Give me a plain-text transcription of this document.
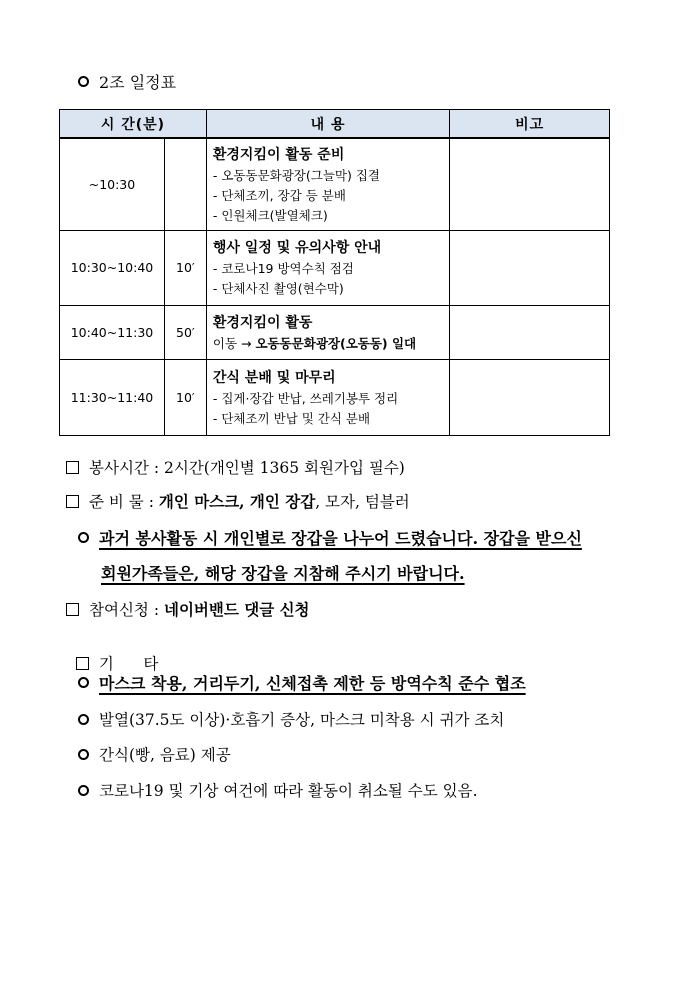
2조 일정표
시 간(분)		내 용	비고
~10:30		환경지킴이 활동 준비
- 오동동문화광장(그늘막) 집결
- 단체조끼, 장갑 등 분배
- 인원체크(발열체크)	

10:30~10:40	10′	행사 일정 및 유의사항 안내
- 코로나19 방역수칙 점검
- 단체사진 촬영(현수막)	

10:40~11:30	50′	환경지킴이 활동
이동 → 오동동문화광장(오동동) 일대	

11:30~11:40	10′	간식 분배 및 마무리
- 집게·장갑 반납, 쓰레기봉투 정리
- 단체조끼 반납 및 간식 분배	

봉사시간 : 2시간(개인별 1365 회원가입 필수)
준 비 물 : 개인 마스크, 개인 장갑, 모자, 텀블러
과거 봉사활동 시 개인별로 장갑을 나누어 드렸습니다. 장갑을 받으신
회원가족들은, 해당 장갑을 지참해 주시기 바랍니다.
참여신청 : 네이버밴드 댓글 신청

기      타

마스크 착용, 거리두기, 신체접촉 제한 등 방역수칙 준수 협조
발열(37.5도 이상)·호흡기 증상, 마스크 미착용 시 귀가 조치
간식(빵, 음료) 제공
코로나19 및 기상 여건에 따라 활동이 취소될 수도 있음.
